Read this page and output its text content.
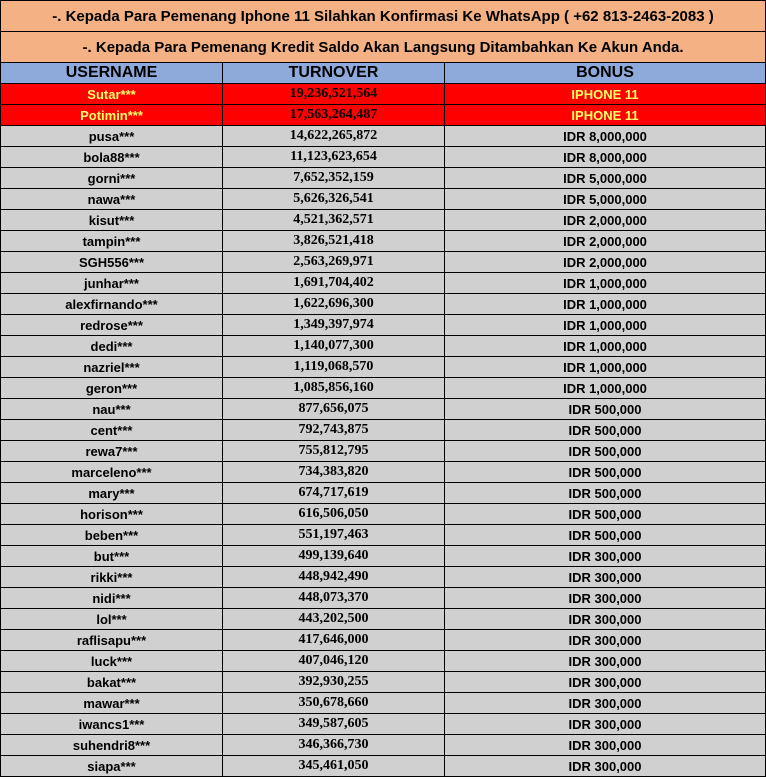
-. Kepada Para Pemenang Iphone 11 Silahkan Konfirmasi Ke WhatsApp ( +62 813-2463-2083 )		
-. Kepada Para Pemenang Kredit Saldo Akan Langsung Ditambahkan Ke Akun Anda.		
USERNAME	TURNOVER	BONUS
Sutar***	19,236,521,564	IPHONE 11
Potimin***	17,563,264,487	IPHONE 11
pusa***	14,622,265,872	IDR 8,000,000
bola88***	11,123,623,654	IDR 8,000,000
gorni***	7,652,352,159	IDR 5,000,000
nawa***	5,626,326,541	IDR 5,000,000
kisut***	4,521,362,571	IDR 2,000,000
tampin***	3,826,521,418	IDR 2,000,000
SGH556***	2,563,269,971	IDR 2,000,000
junhar***	1,691,704,402	IDR 1,000,000
alexfirnando***	1,622,696,300	IDR 1,000,000
redrose***	1,349,397,974	IDR 1,000,000
dedi***	1,140,077,300	IDR 1,000,000
nazriel***	1,119,068,570	IDR 1,000,000
geron***	1,085,856,160	IDR 1,000,000
nau***	877,656,075	IDR 500,000
cent***	792,743,875	IDR 500,000
rewa7***	755,812,795	IDR 500,000
marceleno***	734,383,820	IDR 500,000
mary***	674,717,619	IDR 500,000
horison***	616,506,050	IDR 500,000
beben***	551,197,463	IDR 500,000
but***	499,139,640	IDR 300,000
rikki***	448,942,490	IDR 300,000
nidi***	448,073,370	IDR 300,000
lol***	443,202,500	IDR 300,000
raflisapu***	417,646,000	IDR 300,000
luck***	407,046,120	IDR 300,000
bakat***	392,930,255	IDR 300,000
mawar***	350,678,660	IDR 300,000
iwancs1***	349,587,605	IDR 300,000
suhendri8***	346,366,730	IDR 300,000
siapa***	345,461,050	IDR 300,000
